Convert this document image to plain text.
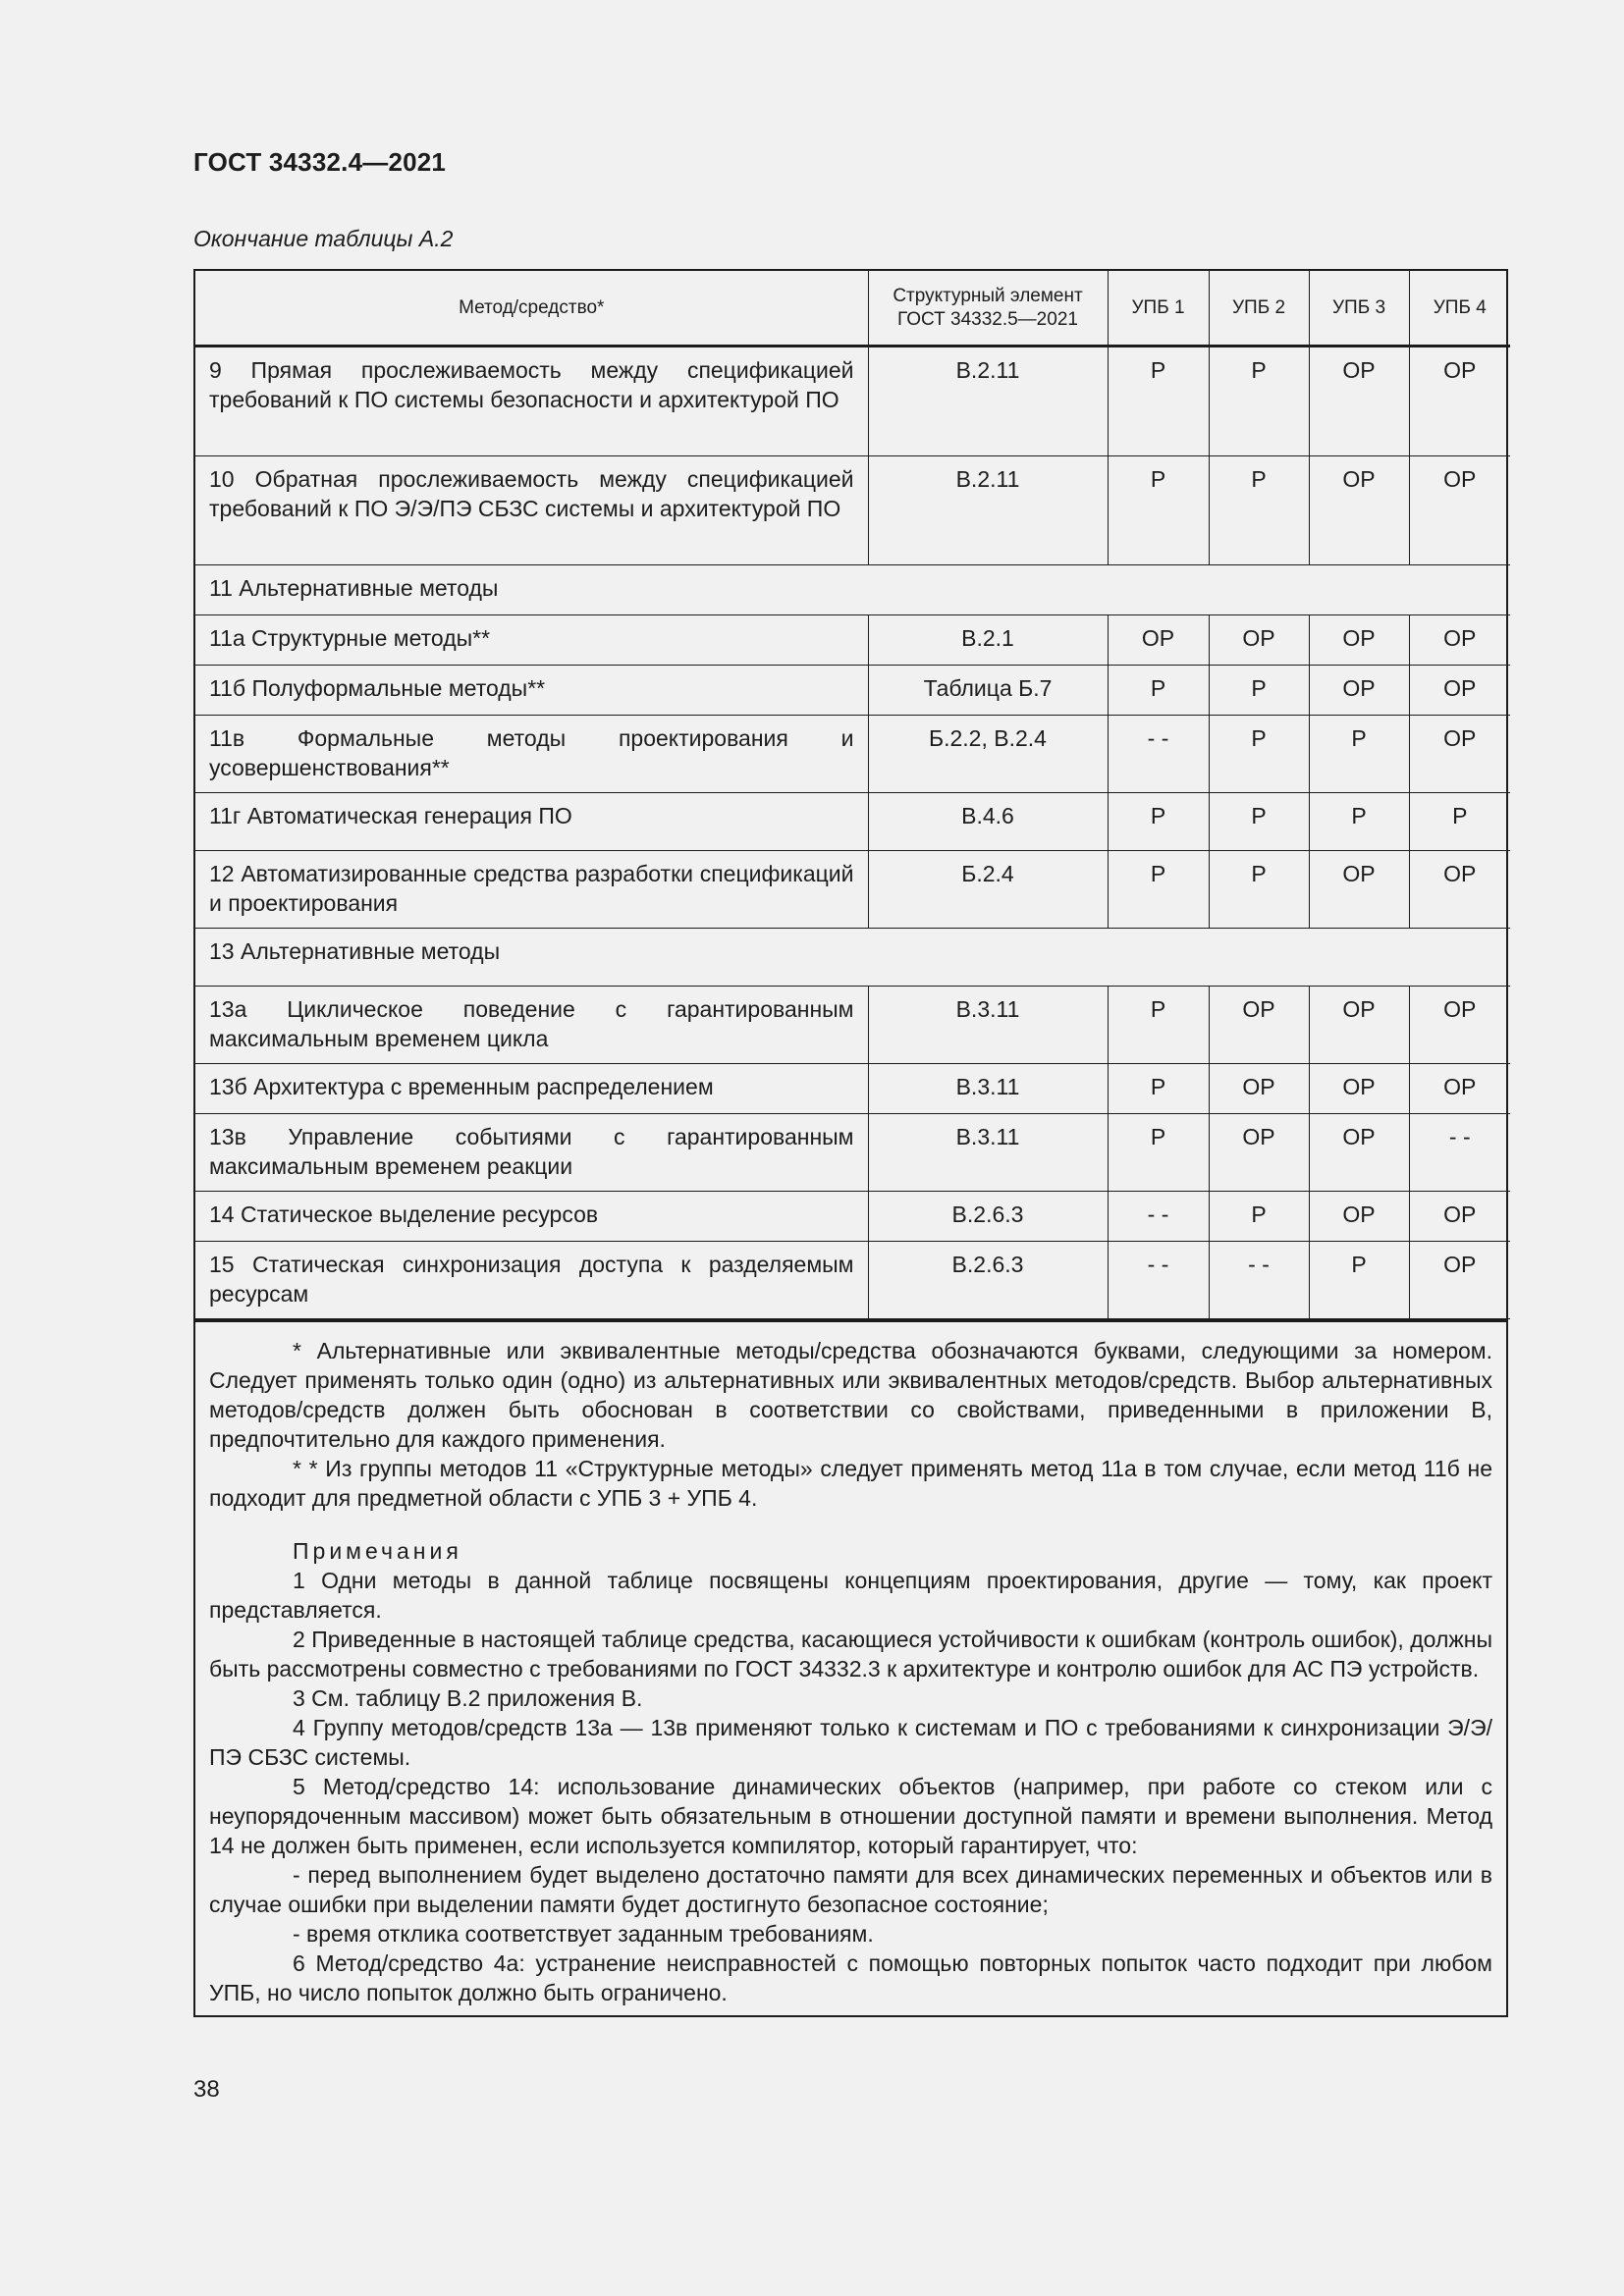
ГОСТ 34332.4—2021
Окончание таблицы А.2
Метод/средство*	Структурный элемент ГОСТ 34332.5—2021	УПБ 1	УПБ 2	УПБ 3	УПБ 4
9 Прямая прослеживаемость между спецификацией требований к ПО системы безопасности и архитектурой ПО	В.2.11	Р	Р	ОР	ОР
10 Обратная прослеживаемость между спецификацией требований к ПО Э/Э/ПЭ СБЗС системы и архитектурой ПО	В.2.11	Р	Р	ОР	ОР
11 Альтернативные методы					
11а Структурные методы**	В.2.1	ОР	ОР	ОР	ОР
11б Полуформальные методы**	Таблица Б.7	Р	Р	ОР	ОР
11в Формальные методы проектирования и усовершенствования**	Б.2.2, В.2.4	- -	Р	Р	ОР
11г Автоматическая генерация ПО	В.4.6	Р	Р	Р	Р
12 Автоматизированные средства разработки спецификаций и проектирования	Б.2.4	Р	Р	ОР	ОР
13 Альтернативные методы					
13а Циклическое поведение с гарантированным максимальным временем цикла	В.3.11	Р	ОР	ОР	ОР
13б Архитектура с временным распределением	В.3.11	Р	ОР	ОР	ОР
13в Управление событиями с гарантированным максимальным временем реакции	В.3.11	Р	ОР	ОР	- -
14 Статическое выделение ресурсов	В.2.6.3	- -	Р	ОР	ОР
15 Статическая синхронизация доступа к разделяемым ресурсам	В.2.6.3	- -	- -	Р	ОР

* Альтернативные или эквивалентные методы/средства обозначаются буквами, следующими за номером. Следует применять только один (одно) из альтернативных или эквивалентных методов/средств. Выбор альтернативных методов/средств должен быть обоснован в соответствии со свойствами, приведенными в приложении В, предпочтительно для каждого применения.

* * Из группы методов 11 «Структурные методы» следует применять метод 11а в том случае, если метод 11б не подходит для предметной области с УПБ 3 + УПБ 4.

Примечания

1 Одни методы в данной таблице посвящены концепциям проектирования, другие — тому, как проект представляется.

2 Приведенные в настоящей таблице средства, касающиеся устойчивости к ошибкам (контроль ошибок), должны быть рассмотрены совместно с требованиями по ГОСТ 34332.3 к архитектуре и контролю ошибок для АС ПЭ устройств.

3 См. таблицу В.2 приложения В.

4 Группу методов/средств 13а — 13в применяют только к системам и ПО с требованиями к синхронизации Э/Э/ПЭ СБЗС системы.

5 Метод/средство 14: использование динамических объектов (например, при работе со стеком или с неупорядоченным массивом) может быть обязательным в отношении доступной памяти и времени выполнения. Метод 14 не должен быть применен, если используется компилятор, который гарантирует, что:

- перед выполнением будет выделено достаточно памяти для всех динамических переменных и объектов или в случае ошибки при выделении памяти будет достигнуто безопасное состояние;

- время отклика соответствует заданным требованиям.

6 Метод/средство 4а: устранение неисправностей с помощью повторных попыток часто подходит при любом УПБ, но число попыток должно быть ограничено.

38
